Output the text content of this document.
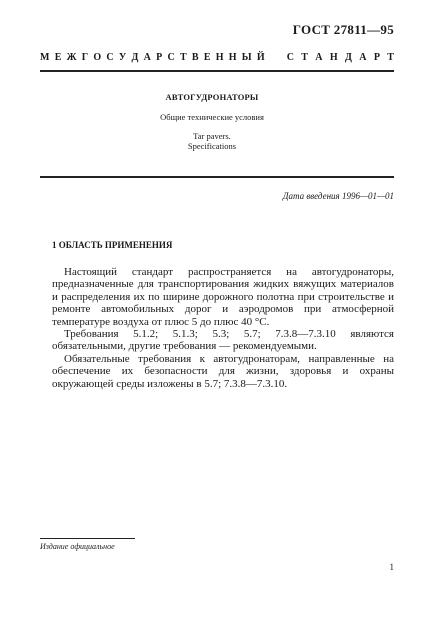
ГОСТ 27811—95
М Е Ж Г О С У Д А Р С Т В Е Н Н Ы Й С Т А Н Д А Р Т
АВТОГУДРОНАТОРЫ
Общие технические условия
Tar pavers.
Specifications
Дата введения 1996—01—01
1 ОБЛАСТЬ ПРИМЕНЕНИЯ

Настоящий стандарт распространяется на автогудронаторы, предназначенные для транспортирования жидких вяжущих материалов и распределения их по ширине дорожного полотна при строительстве и ремонте автомобильных дорог и аэродромов при атмосферной температуре воздуха от плюс 5 до плюс 40 °С.

Требования 5.1.2; 5.1.3; 5.3; 5.7; 7.3.8—7.3.10 являются обязательными, другие требования — рекомендуемыми.

Обязательные требования к автогудронаторам, направленные на обеспечение их безопасности для жизни, здоровья и охраны окружающей среды изложены в 5.7; 7.3.8—7.3.10.

Издание официальное
1
